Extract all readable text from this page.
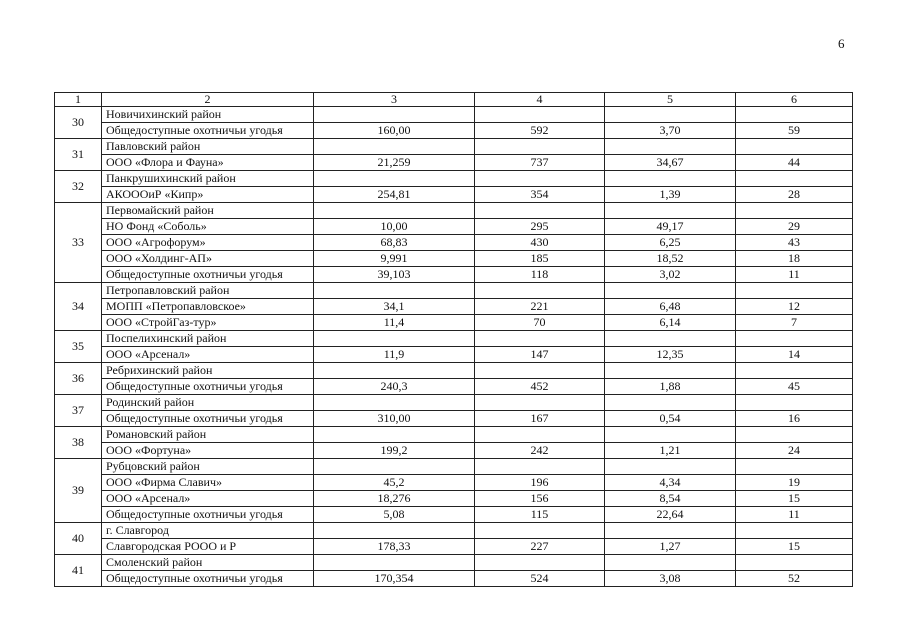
6
1	2	3	4	5	6
30	Новичихинский район				
	Общедоступные охотничьи угодья	160,00	592	3,70	59
31	Павловский район				
	ООО «Флора и Фауна»	21,259	737	34,67	44
32	Панкрушихинский район				
	АКОООиР «Кипр»	254,81	354	1,39	28
33	Первомайский район				
	НО Фонд «Соболь»	10,00	295	49,17	29
	ООО «Агрофорум»	68,83	430	6,25	43
	ООО «Холдинг-АП»	9,991	185	18,52	18
	Общедоступные охотничьи угодья	39,103	118	3,02	11
34	Петропавловский район				
	МОПП «Петропавловское»	34,1	221	6,48	12
	ООО «СтройГаз-тур»	11,4	70	6,14	7
35	Поспелихинский район				
	ООО «Арсенал»	11,9	147	12,35	14
36	Ребрихинский район				
	Общедоступные охотничьи угодья	240,3	452	1,88	45
37	Родинский район				
	Общедоступные охотничьи угодья	310,00	167	0,54	16
38	Романовский район				
	ООО «Фортуна»	199,2	242	1,21	24
39	Рубцовский район				
	ООО «Фирма Славич»	45,2	196	4,34	19
	ООО «Арсенал»	18,276	156	8,54	15
	Общедоступные охотничьи угодья	5,08	115	22,64	11
40	г. Славгород				
	Славгородская РООО и Р	178,33	227	1,27	15
41	Смоленский район				
	Общедоступные охотничьи угодья	170,354	524	3,08	52
